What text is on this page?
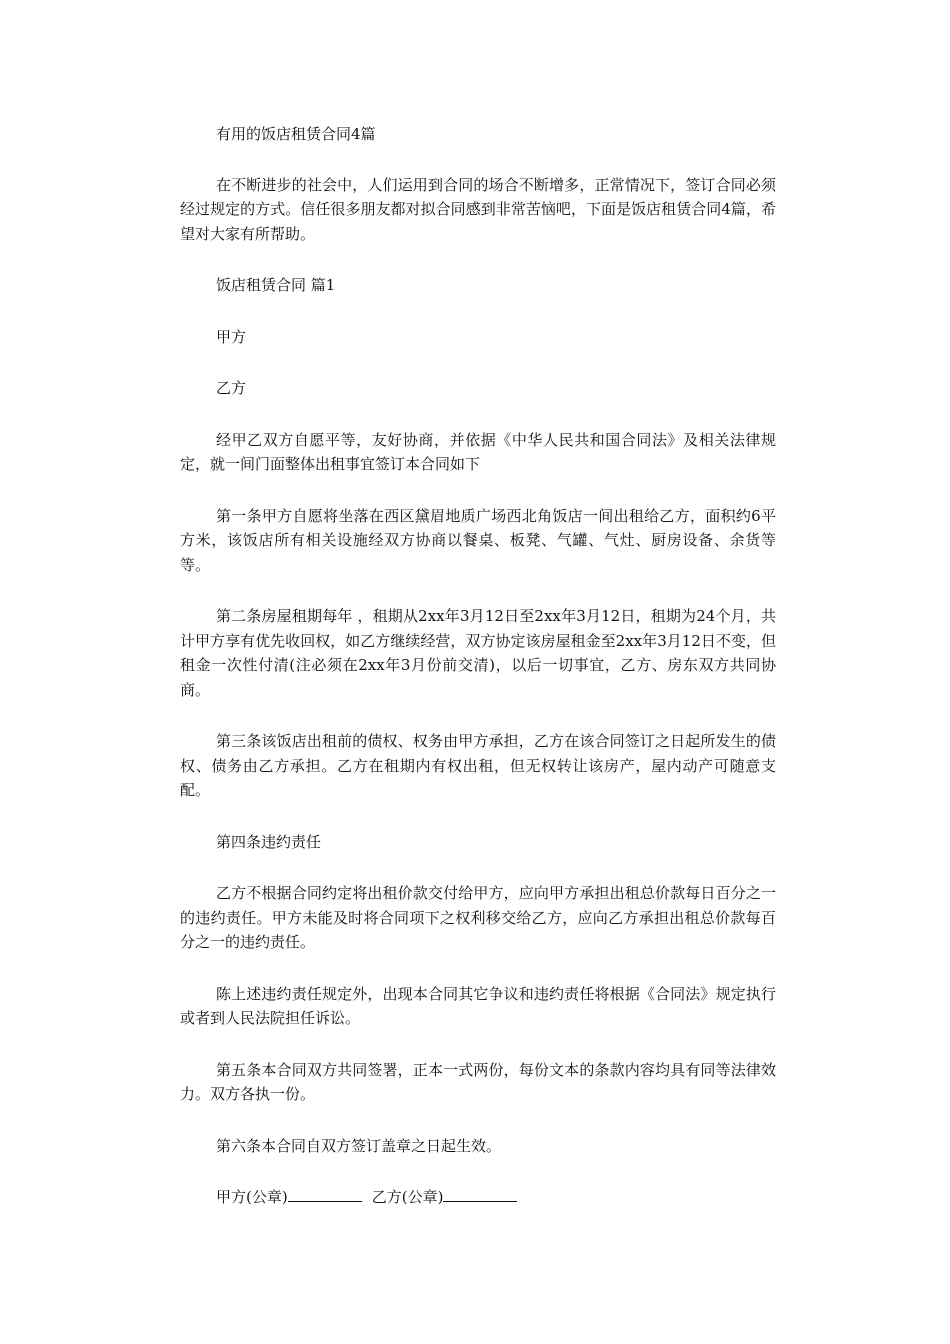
有用的饭店租赁合同4篇

在不断进步的社会中，人们运用到合同的场合不断增多，正常情况下，签订合同必须经过规定的方式。信任很多朋友都对拟合同感到非常苦恼吧，下面是饭店租赁合同4篇，希望对大家有所帮助。

饭店租赁合同 篇1

甲方

乙方

经甲乙双方自愿平等，友好协商，并依据《中华人民共和国合同法》及相关法律规定，就一间门面整体出租事宜签订本合同如下

第一条甲方自愿将坐落在西区黛眉地质广场西北角饭店一间出租给乙方，面积约6平方米，该饭店所有相关设施经双方协商以餐桌、板凳、气罐、气灶、厨房设备、余货等等。

第二条房屋租期每年 ，租期从2xx年3月12日至2xx年3月12日，租期为24个月，共计甲方享有优先收回权，如乙方继续经营，双方协定该房屋租金至2xx年3月12日不变，但租金一次性付清(注必须在2xx年3月份前交清)，以后一切事宜，乙方、房东双方共同协商。

第三条该饭店出租前的债权、权务由甲方承担，乙方在该合同签订之日起所发生的债权、债务由乙方承担。乙方在租期内有权出租，但无权转让该房产，屋内动产可随意支配。

第四条违约责任

乙方不根据合同约定将出租价款交付给甲方，应向甲方承担出租总价款每日百分之一的违约责任。甲方未能及时将合同项下之权利移交给乙方，应向乙方承担出租总价款每百分之一的违约责任。

陈上述违约责任规定外，出现本合同其它争议和违约责任将根据《合同法》规定执行或者到人民法院担任诉讼。

第五条本合同双方共同签署，正本一式两份，每份文本的条款内容均具有同等法律效力。双方各执一份。

第六条本合同自双方签订盖章之日起生效。

甲方(公章)	乙方(公章)
